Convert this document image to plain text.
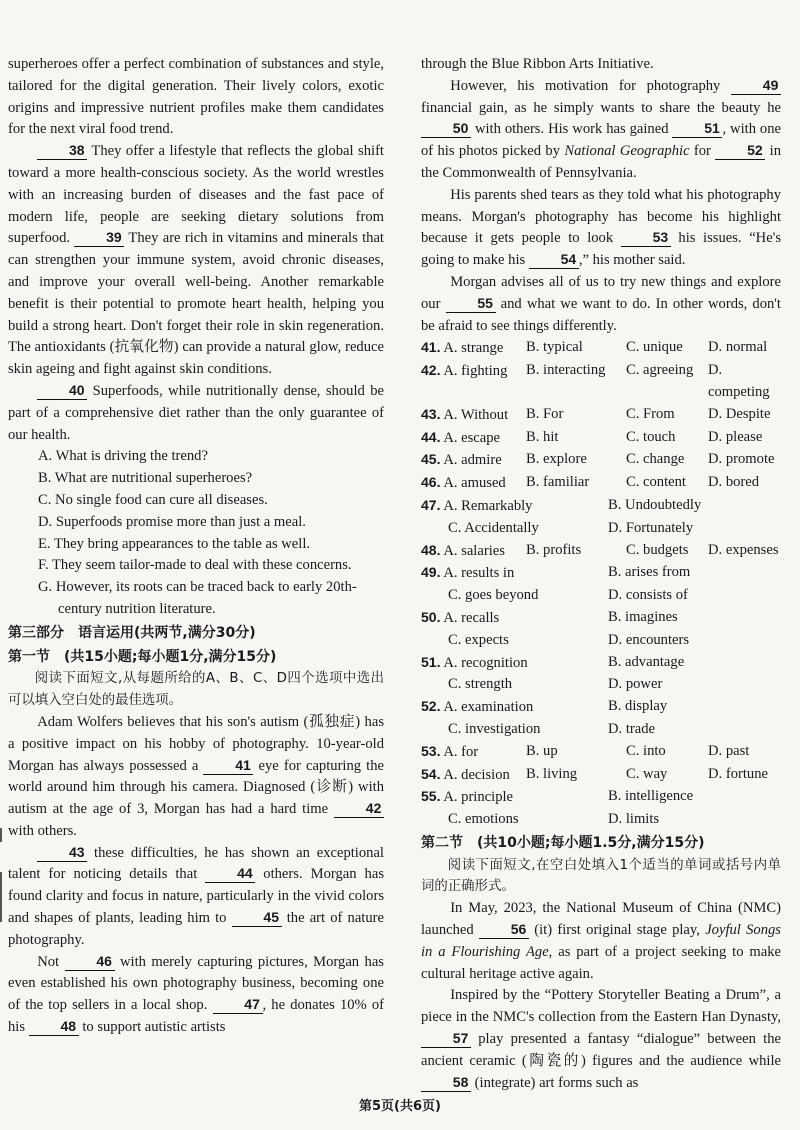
superheroes offer a perfect combination of substances and style, tailored for the digital generation. Their lively colors, exotic origins and impressive nutrient profiles make them candidates for the next viral food trend.

38 They offer a lifestyle that reflects the global shift toward a more health-conscious society. As the world wrestles with an increasing burden of diseases and the fast pace of modern life, people are seeking dietary solutions from superfood. 39 They are rich in vitamins and minerals that can strengthen your immune system, avoid chronic diseases, and improve your overall well-being. Another remarkable benefit is their potential to promote heart health, helping you build a strong heart. Don't forget their role in skin regeneration. The antioxidants (抗氧化物) can provide a natural glow, reduce skin ageing and fight against skin conditions.

40 Superfoods, while nutritionally dense, should be part of a comprehensive diet rather than the only guarantee of our health.

A. What is driving the trend?

B. What are nutritional superheroes?

C. No single food can cure all diseases.

D. Superfoods promise more than just a meal.

E. They bring appearances to the table as well.

F. They seem tailor-made to deal with these concerns.

G. However, its roots can be traced back to early 20th-century nutrition literature.

第三部分　语言运用(共两节,满分30分)

第一节　(共15小题;每小题1分,满分15分)

阅读下面短文,从每题所给的A、B、C、D四个选项中选出可以填入空白处的最佳选项。

Adam Wolfers believes that his son's autism (孤独症) has a positive impact on his hobby of photography. 10-year-old Morgan has always possessed a 41 eye for capturing the world around him through his camera. Diagnosed (诊断) with autism at the age of 3, Morgan has had a hard time 42 with others.

43 these difficulties, he has shown an exceptional talent for noticing details that 44 others. Morgan has found clarity and focus in nature, particularly in the vivid colors and shapes of plants, leading him to 45 the art of nature photography.

Not 46 with merely capturing pictures, Morgan has even established his own photography business, becoming one of the top sellers in a local shop. 47 , he donates 10% of his 48 to support autistic artists

through the Blue Ribbon Arts Initiative.

However, his motivation for photography 49 financial gain, as he simply wants to share the beauty he 50 with others. His work has gained 51 , with one of his photos picked by National Geographic for 52 in the Commonwealth of Pennsylvania.

His parents shed tears as they told what his photography means. Morgan's photography has become his highlight because it gets people to look 53 his issues. “He's going to make his 54 ,” his mother said.

Morgan advises all of us to try new things and explore our 55 and what we want to do. In other words, don't be afraid to see things differently.

41. A. strange	B. typical	C. unique	D. normal
42. A. fighting	B. interacting	C. agreeing	D. competing
43. A. Without	B. For	C. From	D. Despite
44. A. escape	B. hit	C. touch	D. please
45. A. admire	B. explore	C. change	D. promote
46. A. amused	B. familiar	C. content	D. bored
47. A. Remarkably	B. Undoubtedly
C. Accidentally	D. Fortunately
48. A. salaries	B. profits	C. budgets	D. expenses
49. A. results in	B. arises from
C. goes beyond	D. consists of
50. A. recalls	B. imagines
C. expects	D. encounters
51. A. recognition	B. advantage
C. strength	D. power
52. A. examination	B. display
C. investigation	D. trade
53. A. for	B. up	C. into	D. past
54. A. decision	B. living	C. way	D. fortune
55. A. principle	B. intelligence
C. emotions	D. limits

第二节　(共10小题;每小题1.5分,满分15分)

阅读下面短文,在空白处填入1个适当的单词或括号内单词的正确形式。

In May, 2023, the National Museum of China (NMC) launched 56 (it) first original stage play, Joyful Songs in a Flourishing Age, as part of a project seeking to make cultural heritage active again.

Inspired by the “Pottery Storyteller Beating a Drum”, a piece in the NMC's collection from the Eastern Han Dynasty, 57 play presented a fantasy “dialogue” between the ancient ceramic (陶瓷的) figures and the audience while 58 (integrate) art forms such as

第5页(共6页)
